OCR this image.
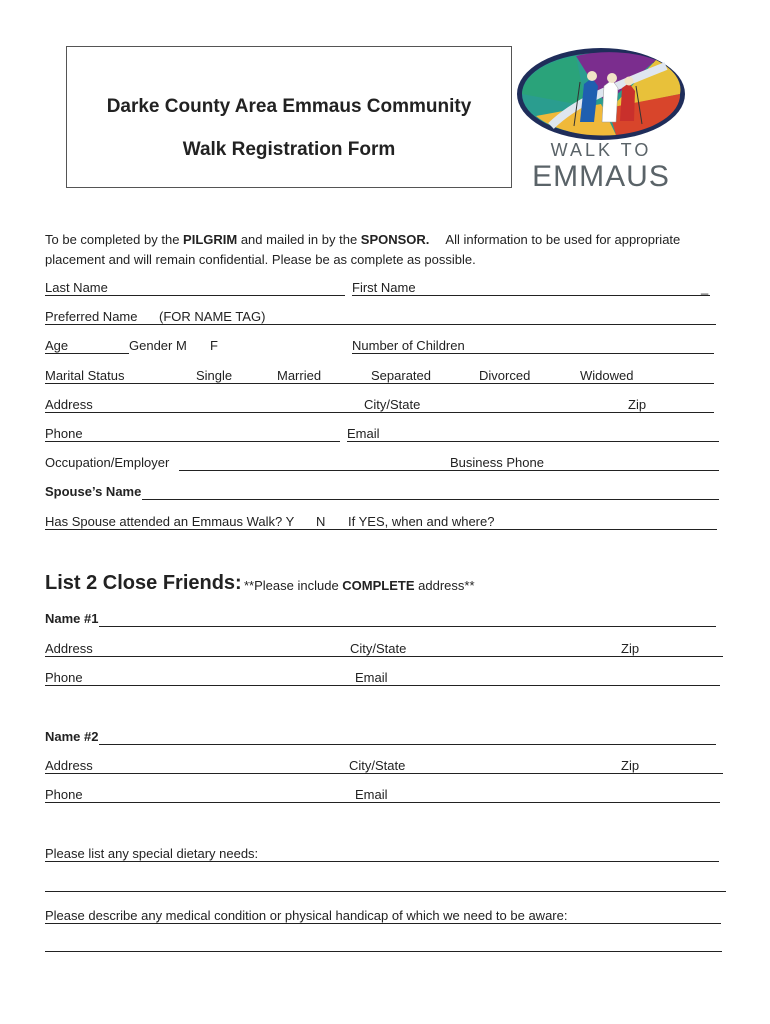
Darke County Area Emmaus Community
Walk Registration Form	WALK TO
EMMAUS
To be completed by the PILGRIM and mailed in by the SPONSOR. All information to be used for appropriate placement and will remain confidential. Please be as complete as possible.
Last Name	First Name	_
Preferred Name (FOR NAME TAG)
Age	Gender M F	Number of Children
Marital Status	Single	Married	Separated	Divorced	Widowed
Address	City/State	Zip
Phone	Email
Occupation/Employer	Business Phone
Spouse’s Name
Has Spouse attended an Emmaus Walk? Y N If YES, when and where?
List 2 Close Friends: **Please include COMPLETE address**
Name #1
Address	City/State	Zip
Phone	Email
Name #2
Address	City/State	Zip
Phone	Email
Please list any special dietary needs:
Please describe any medical condition or physical handicap of which we need to be aware:
